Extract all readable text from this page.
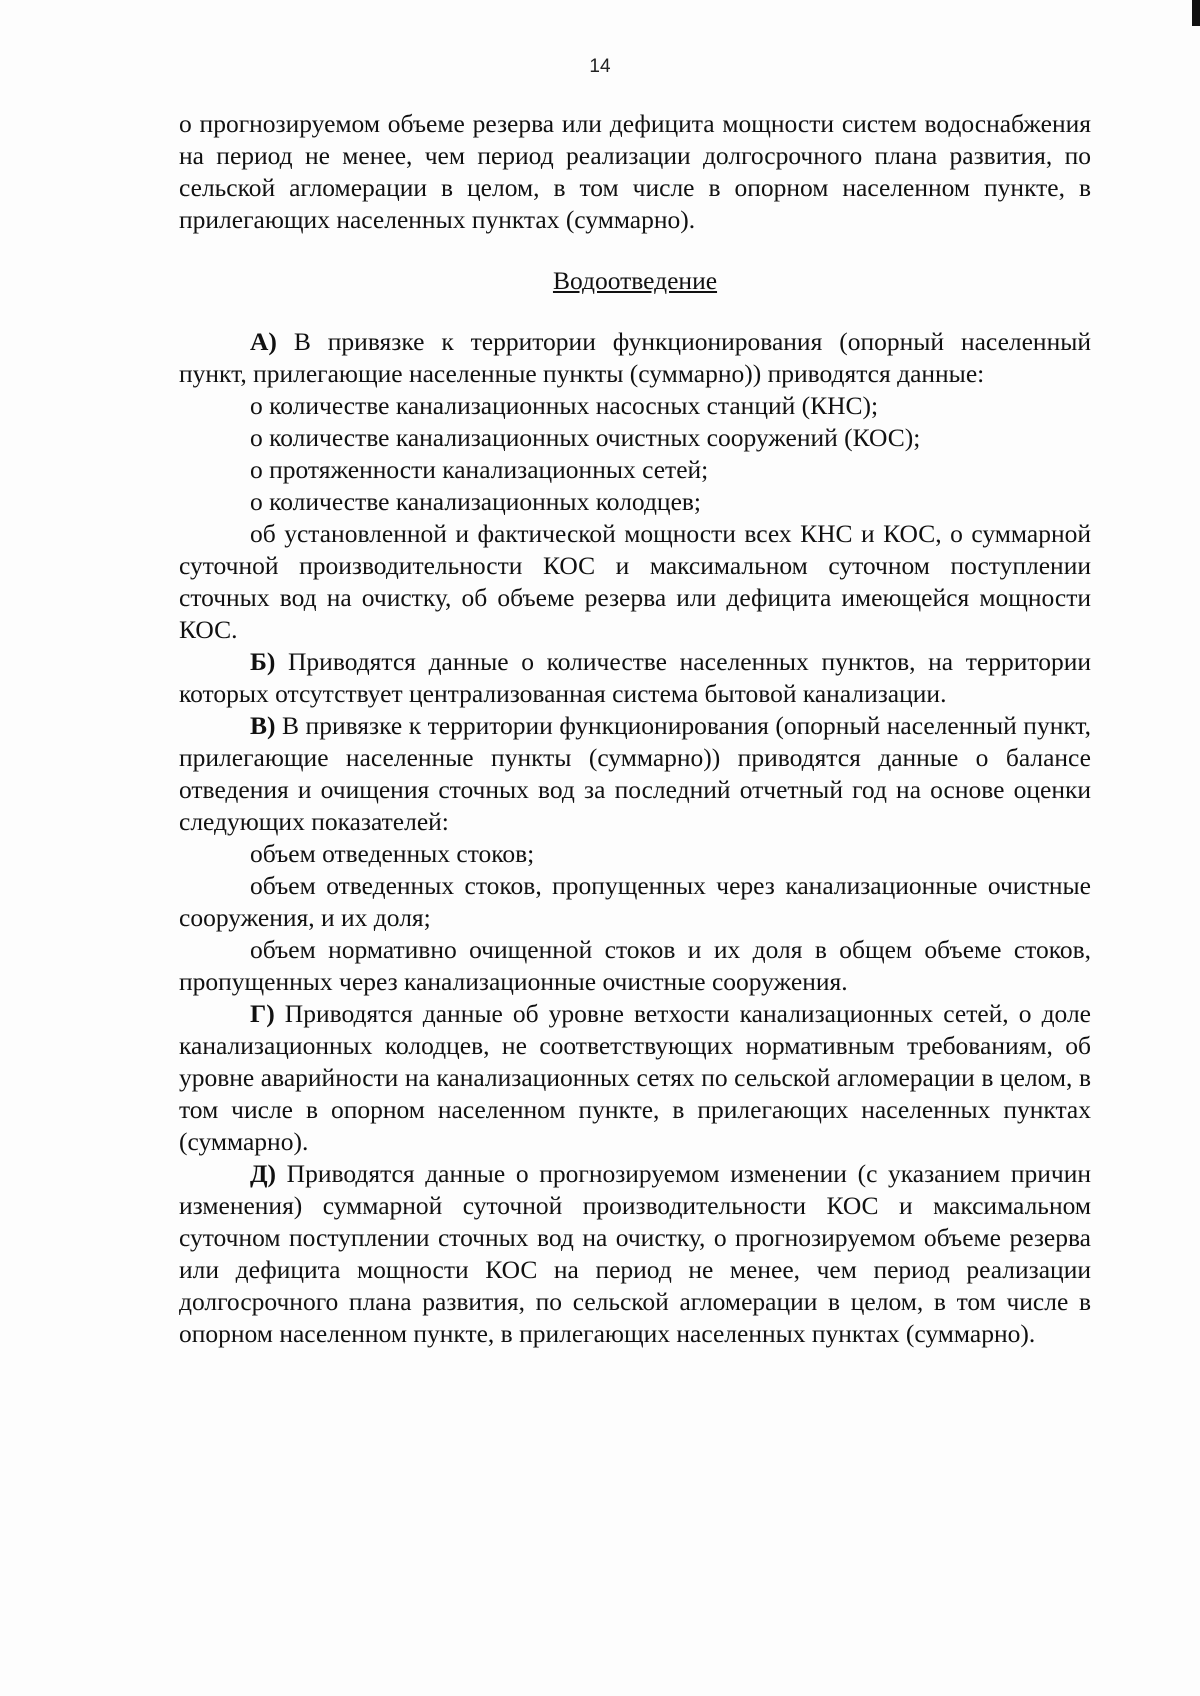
14

о прогнозируемом объеме резерва или дефицита мощности систем водоснабжения на период не менее, чем период реализации долгосрочного плана развития, по сельской агломерации в целом, в том числе в опорном населенном пункте, в прилегающих населенных пунктах (суммарно).

Водоотведение

А) В привязке к территории функционирования (опорный населенный пункт, прилегающие населенные пункты (суммарно)) приводятся данные:

о количестве канализационных насосных станций (КНС);

о количестве канализационных очистных сооружений (КОС);

о протяженности канализационных сетей;

о количестве канализационных колодцев;

об установленной и фактической мощности всех КНС и КОС, о суммарной суточной производительности КОС и максимальном суточном поступлении сточных вод на очистку, об объеме резерва или дефицита имеющейся мощности КОС.

Б) Приводятся данные о количестве населенных пунктов, на территории которых отсутствует централизованная система бытовой канализации.

В) В привязке к территории функционирования (опорный населенный пункт, прилегающие населенные пункты (суммарно)) приводятся данные о балансе отведения и очищения сточных вод за последний отчетный год на основе оценки следующих показателей:

объем отведенных стоков;

объем отведенных стоков, пропущенных через канализационные очистные сооружения, и их доля;

объем нормативно очищенной стоков и их доля в общем объеме стоков, пропущенных через канализационные очистные сооружения.

Г) Приводятся данные об уровне ветхости канализационных сетей, о доле канализационных колодцев, не соответствующих нормативным требованиям, об уровне аварийности на канализационных сетях по сельской агломерации в целом, в том числе в опорном населенном пункте, в прилегающих населенных пунктах (суммарно).

Д) Приводятся данные о прогнозируемом изменении (с указанием причин изменения) суммарной суточной производительности КОС и максимальном суточном поступлении сточных вод на очистку, о прогнозируемом объеме резерва или дефицита мощности КОС на период не менее, чем период реализации долгосрочного плана развития, по сельской агломерации в целом, в том числе в опорном населенном пункте, в прилегающих населенных пунктах (суммарно).
